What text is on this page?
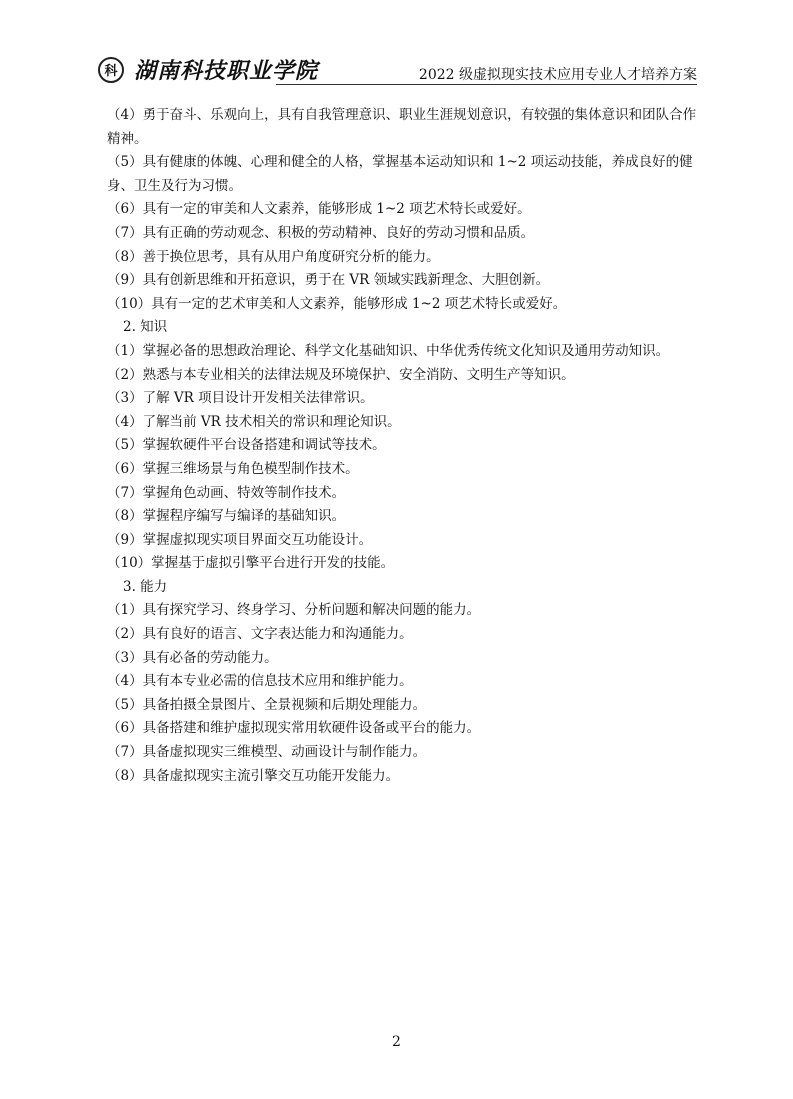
科 湖南科技职业学院	2022 级虚拟现实技术应用专业人才培养方案
（4）勇于奋斗、乐观向上，具有自我管理意识、职业生涯规划意识，有较强的集体意识和团队合作精神。
（5）具有健康的体魄、心理和健全的人格，掌握基本运动知识和 1~2 项运动技能，养成良好的健身、卫生及行为习惯。
（6）具有一定的审美和人文素养，能够形成 1~2 项艺术特长或爱好。
（7）具有正确的劳动观念、积极的劳动精神、良好的劳动习惯和品质。
（8）善于换位思考，具有从用户角度研究分析的能力。
（9）具有创新思维和开拓意识，勇于在 VR 领域实践新理念、大胆创新。
（10）具有一定的艺术审美和人文素养，能够形成 1~2 项艺术特长或爱好。
2. 知识
（1）掌握必备的思想政治理论、科学文化基础知识、中华优秀传统文化知识及通用劳动知识。
（2）熟悉与本专业相关的法律法规及环境保护、安全消防、文明生产等知识。
（3）了解 VR 项目设计开发相关法律常识。
（4）了解当前 VR 技术相关的常识和理论知识。
（5）掌握软硬件平台设备搭建和调试等技术。
（6）掌握三维场景与角色模型制作技术。
（7）掌握角色动画、特效等制作技术。
（8）掌握程序编写与编译的基础知识。
（9）掌握虚拟现实项目界面交互功能设计。
（10）掌握基于虚拟引擎平台进行开发的技能。
3. 能力
（1）具有探究学习、终身学习、分析问题和解决问题的能力。
（2）具有良好的语言、文字表达能力和沟通能力。
（3）具有必备的劳动能力。
（4）具有本专业必需的信息技术应用和维护能力。
（5）具备拍摄全景图片、全景视频和后期处理能力。
（6）具备搭建和维护虚拟现实常用软硬件设备或平台的能力。
（7）具备虚拟现实三维模型、动画设计与制作能力。
（8）具备虚拟现实主流引擎交互功能开发能力。
2
